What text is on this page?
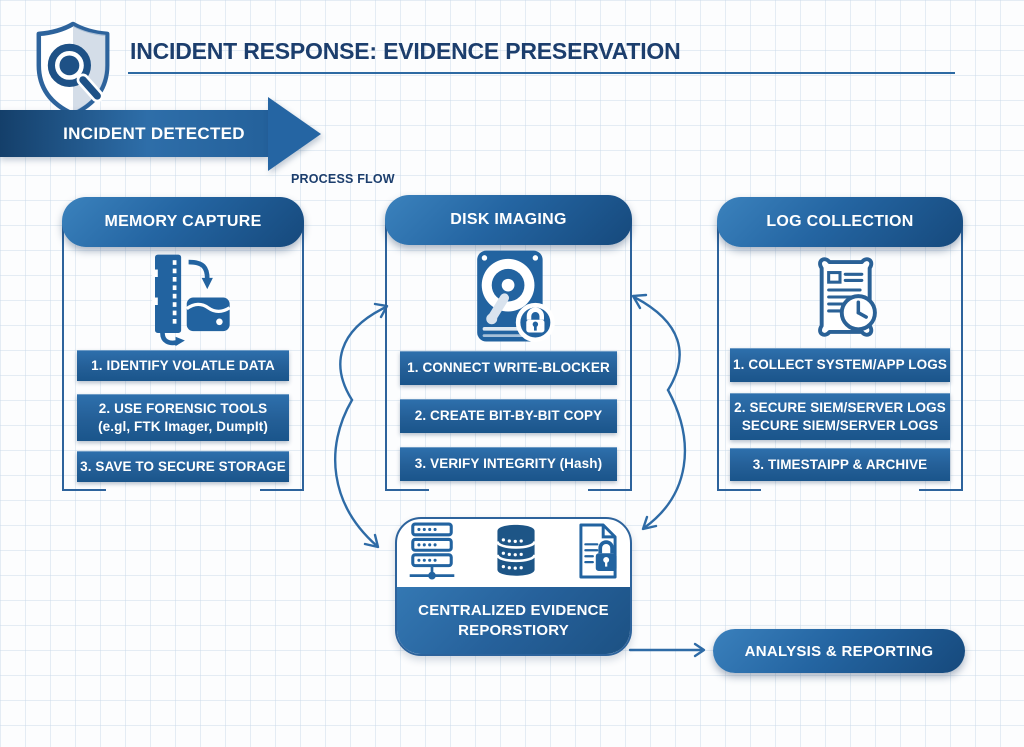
INCIDENT RESPONSE: EVIDENCE PRESERVATION
INCIDENT DETECTED
PROCESS FLOW
MEMORY CAPTURE
1. IDENTIFY VOLATLE DATA
2. USE FORENSIC TOOLS
(e.gl, FTK Imager, DumpIt)
3. SAVE TO SECURE STORAGE
DISK IMAGING
1. CONNECT WRITE-BLOCKER
2. CREATE BIT-BY-BIT COPY
3. VERIFY INTEGRITY (Hash)
LOG COLLECTION
1. COLLECT SYSTEM/APP LOGS
2. SECURE SIEM/SERVER LOGS
SECURE SIEM/SERVER LOGS
3. TIMESTAIPP & ARCHIVE
CENTRALIZED EVIDENCE
REPORSTIORY
ANALYSIS & REPORTING
